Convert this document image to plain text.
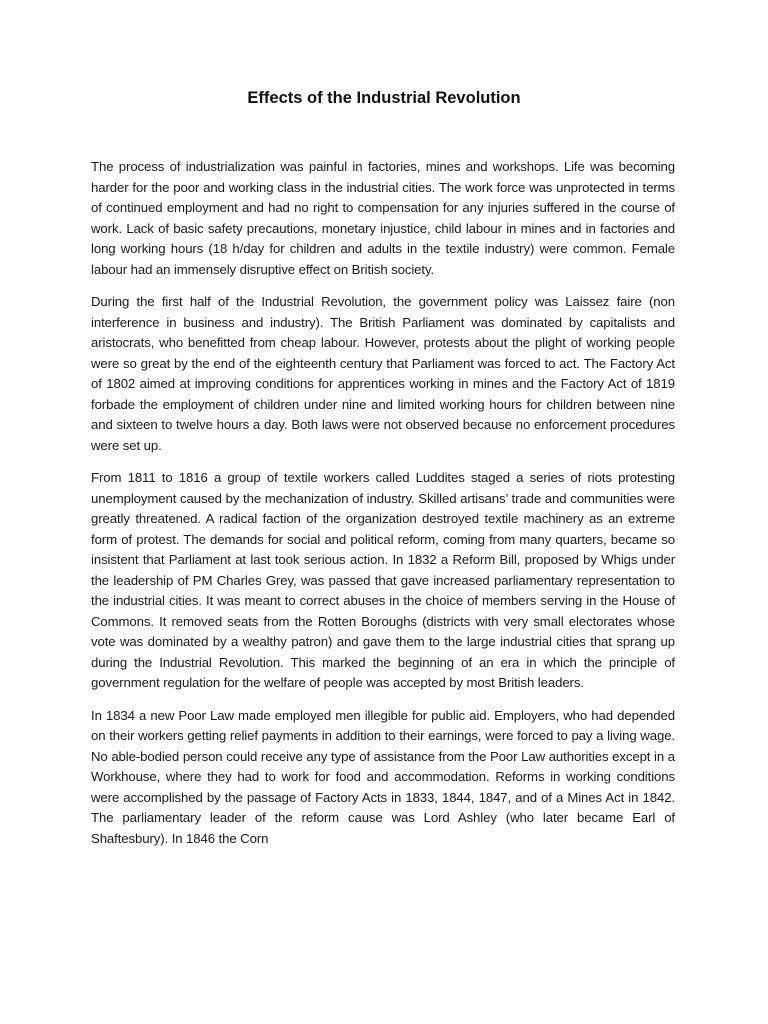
Effects of the Industrial Revolution

The process of industrialization was painful in factories, mines and workshops. Life was becoming harder for the poor and working class in the industrial cities. The work force was unprotected in terms of continued employment and had no right to compensation for any injuries suffered in the course of work. Lack of basic safety precautions, monetary injustice, child labour in mines and in factories and long working hours (18 h/day for children and adults in the textile industry) were common. Female labour had an immensely disruptive effect on British society.

During the first half of the Industrial Revolution, the government policy was Laissez faire (non interference in business and industry). The British Parliament was dominated by capitalists and aristocrats, who benefitted from cheap labour. However, protests about the plight of working people were so great by the end of the eighteenth century that Parliament was forced to act. The Factory Act of 1802 aimed at improving conditions for apprentices working in mines and the Factory Act of 1819 forbade the employment of children under nine and limited working hours for children between nine and sixteen to twelve hours a day. Both laws were not observed because no enforcement procedures were set up.

From 1811 to 1816 a group of textile workers called Luddites staged a series of riots protesting unemployment caused by the mechanization of industry. Skilled artisans’ trade and communities were greatly threatened. A radical faction of the organization destroyed textile machinery as an extreme form of protest. The demands for social and political reform, coming from many quarters, became so insistent that Parliament at last took serious action. In 1832 a Reform Bill, proposed by Whigs under the leadership of PM Charles Grey, was passed that gave increased parliamentary representation to the industrial cities. It was meant to correct abuses in the choice of members serving in the House of Commons. It removed seats from the Rotten Boroughs (districts with very small electorates whose vote was dominated by a wealthy patron) and gave them to the large industrial cities that sprang up during the Industrial Revolution. This marked the beginning of an era in which the principle of government regulation for the welfare of people was accepted by most British leaders.

In 1834 a new Poor Law made employed men illegible for public aid. Employers, who had depended on their workers getting relief payments in addition to their earnings, were forced to pay a living wage. No able-bodied person could receive any type of assistance from the Poor Law authorities except in a Workhouse, where they had to work for food and accommodation. Reforms in working conditions were accomplished by the passage of Factory Acts in 1833, 1844, 1847, and of a Mines Act in 1842. The parliamentary leader of the reform cause was Lord Ashley (who later became Earl of Shaftesbury). In 1846 the Corn
